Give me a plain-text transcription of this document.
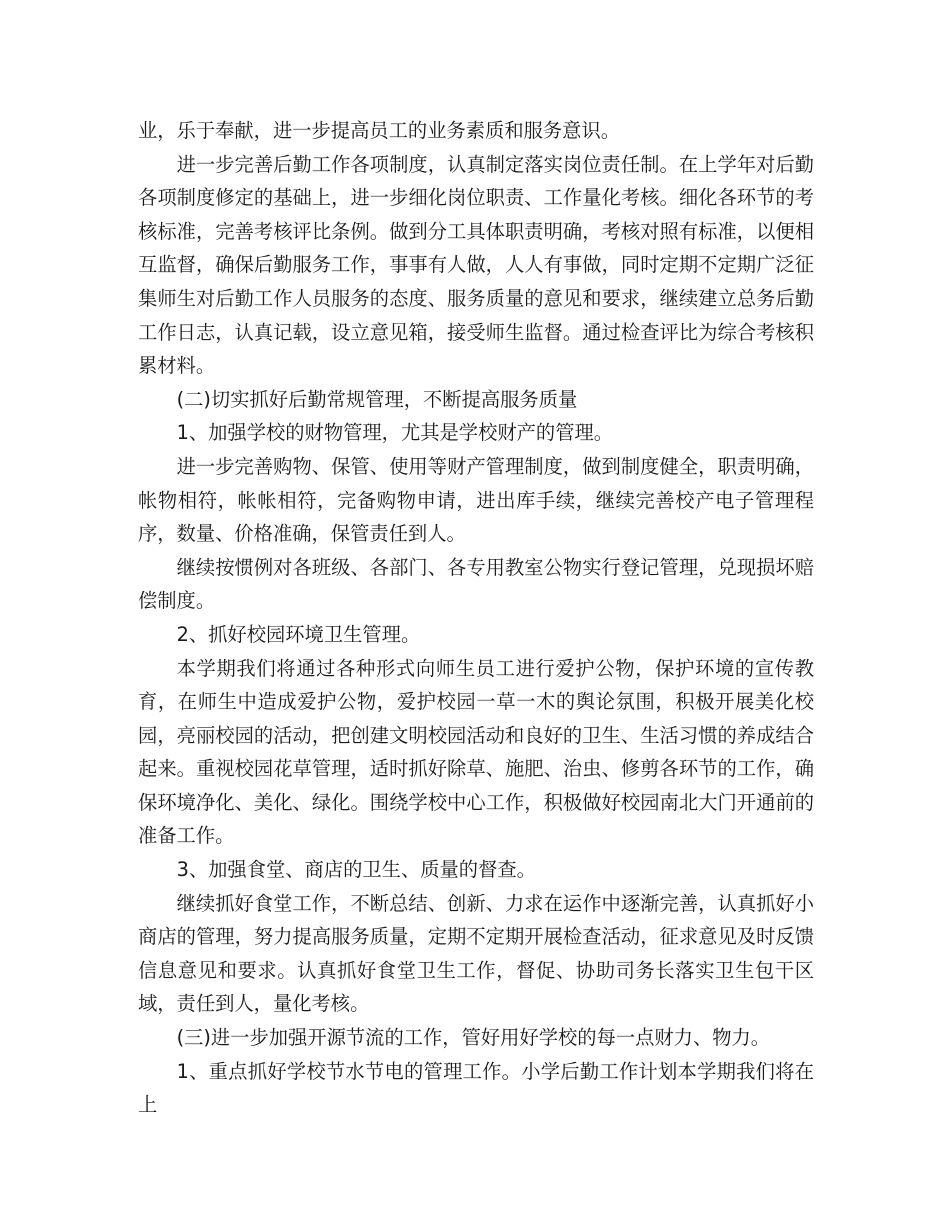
业，乐于奉献，进一步提高员工的业务素质和服务意识。

进一步完善后勤工作各项制度，认真制定落实岗位责任制。在上学年对后勤各项制度修定的基础上，进一步细化岗位职责、工作量化考核。细化各环节的考核标准，完善考核评比条例。做到分工具体职责明确，考核对照有标准，以便相互监督，确保后勤服务工作，事事有人做，人人有事做，同时定期不定期广泛征集师生对后勤工作人员服务的态度、服务质量的意见和要求，继续建立总务后勤工作日志，认真记载，设立意见箱，接受师生监督。通过检查评比为综合考核积累材料。

(二)切实抓好后勤常规管理，不断提高服务质量

1、加强学校的财物管理，尤其是学校财产的管理。

进一步完善购物、保管、使用等财产管理制度，做到制度健全，职责明确，帐物相符，帐帐相符，完备购物申请，进出库手续，继续完善校产电子管理程序，数量、价格准确，保管责任到人。

继续按惯例对各班级、各部门、各专用教室公物实行登记管理，兑现损坏赔偿制度。

2、抓好校园环境卫生管理。

本学期我们将通过各种形式向师生员工进行爱护公物，保护环境的宣传教育，在师生中造成爱护公物，爱护校园一草一木的舆论氛围，积极开展美化校园，亮丽校园的活动，把创建文明校园活动和良好的卫生、生活习惯的养成结合起来。重视校园花草管理，适时抓好除草、施肥、治虫、修剪各环节的工作，确保环境净化、美化、绿化。围绕学校中心工作，积极做好校园南北大门开通前的准备工作。

3、加强食堂、商店的卫生、质量的督查。

继续抓好食堂工作，不断总结、创新、力求在运作中逐渐完善，认真抓好小商店的管理，努力提高服务质量，定期不定期开展检查活动，征求意见及时反馈信息意见和要求。认真抓好食堂卫生工作，督促、协助司务长落实卫生包干区域，责任到人，量化考核。

(三)进一步加强开源节流的工作，管好用好学校的每一点财力、物力。

1、重点抓好学校节水节电的管理工作。小学后勤工作计划本学期我们将在上
